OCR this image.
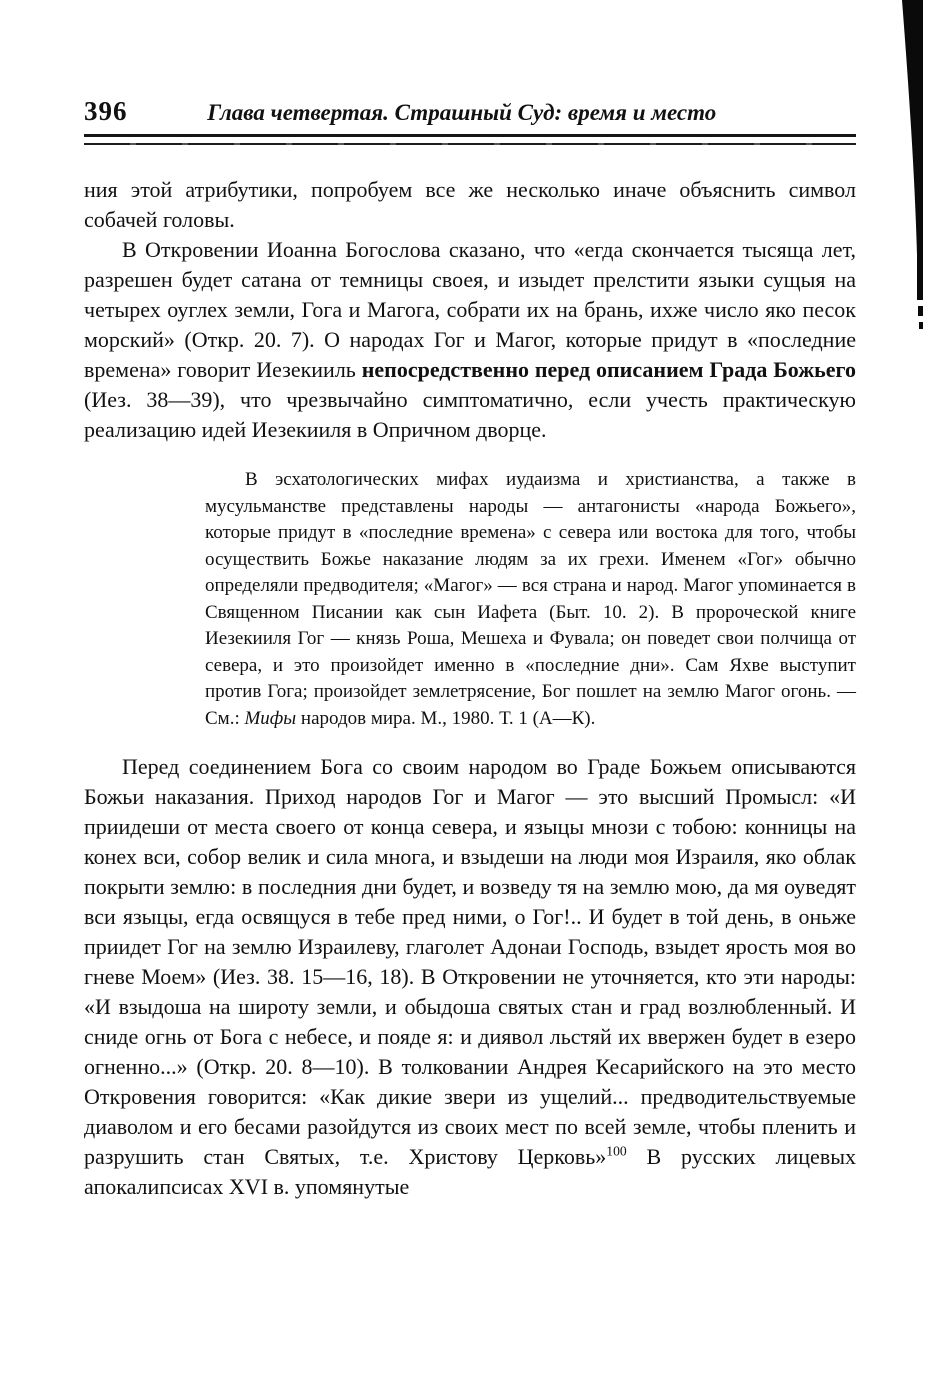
396	Глава четвертая. Страшный Суд: время и место

ния этой атрибутики, попробуем все же несколько иначе объяснить символ собачей головы.

В Откровении Иоанна Богослова сказано, что «егда скончается тысяща лет, разрешен будет сатана от темницы своея, и изыдет прелстити языки сущыя на четырех оуглех земли, Гога и Магога, собрати их на брань, ихже число яко песок морский» (Откр. 20. 7). О народах Гог и Магог, которые придут в «последние времена» говорит Иезекииль непосредственно перед описанием Града Божьего (Иез. 38—39), что чрезвычайно симптоматично, если учесть практическую реализацию идей Иезекииля в Опричном дворце.

В эсхатологических мифах иудаизма и христианства, а также в мусульманстве представлены народы — антагонисты «народа Божьего», которые придут в «последние времена» с севера или востока для того, чтобы осуществить Божье наказание людям за их грехи. Именем «Гог» обычно определяли предводителя; «Магог» — вся страна и народ. Магог упоминается в Священном Писании как сын Иафета (Быт. 10. 2). В пророческой книге Иезекииля Гог — князь Роша, Мешеха и Фувала; он поведет свои полчища от севера, и это произойдет именно в «последние дни». Сам Яхве выступит против Гога; произойдет землетрясение, Бог пошлет на землю Магог огонь. — См.: Мифы народов мира. М., 1980. Т. 1 (А—К).

Перед соединением Бога со своим народом во Граде Божьем описываются Божьи наказания. Приход народов Гог и Магог — это высший Промысл: «И приидеши от места своего от конца севера, и языцы мнози с тобою: конницы на конех вси, собор велик и сила многа, и взыдеши на люди моя Израиля, яко облак покрыти землю: в последния дни будет, и возведу тя на землю мою, да мя оуведят вси языцы, егда освящуся в тебе пред ними, о Гог!.. И будет в той день, в оньже приидет Гог на землю Израилеву, глаголет Адонаи Господь, взыдет ярость моя во гневе Моем» (Иез. 38. 15—16, 18). В Откровении не уточняется, кто эти народы: «И взыдоша на широту земли, и обыдоша святых стан и град возлюбленный. И сниде огнь от Бога с небесе, и пояде я: и диявол льстяй их ввержен будет в езеро огненно...» (Откр. 20. 8—10). В толковании Андрея Кесарийского на это место Откровения говорится: «Как дикие звери из ущелий... предводительствуемые диаволом и его бесами разойдутся из своих мест по всей земле, чтобы пленить и разрушить стан Святых, т.е. Христову Церковь»$^{100}$ В русских лицевых апокалипсисах XVI в. упомянутые
